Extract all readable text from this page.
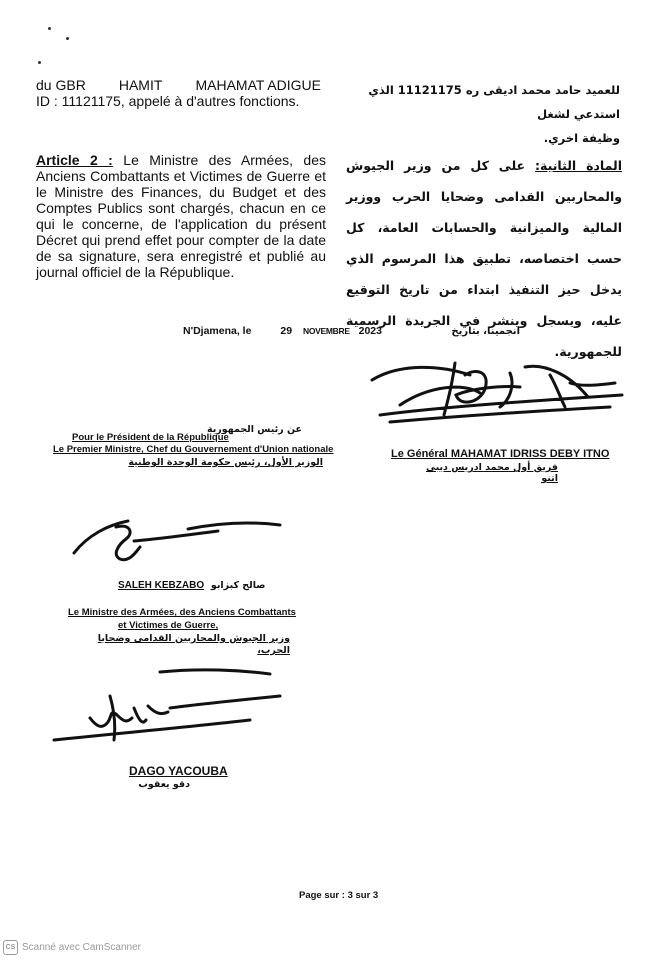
du GBR HAMIT MAHAMAT ADIGUE
ID : 11121175, appelé à d'autres fonctions.
للعميد حامد محمد اديقى ره 11121175 الذي استدعي لشغل
وظيفة اخري.
Article 2 : Le Ministre des Armées, des Anciens Combattants et Victimes de Guerre et le Ministre des Finances, du Budget et des Comptes Publics sont chargés, chacun en ce qui le concerne, de l'application du présent Décret qui prend effet pour compter de la date de sa signature, sera enregistré et publié au journal officiel de la République.
المادة الثانية: على كل من وزير الجيوش والمحاربين القدامى وضحايا الحرب ووزير المالية والميزانية والحسابات العامة، كل حسب اختصاصه، تطبيق هذا المرسوم الذي يدخل حيز التنفيذ ابتداء من تاريخ التوقيع عليه، ويسجل وينشر في الجريدة الرسمية للجمهورية.
N'Djamena, le	29 NOVEMBRE 2023	انجمينا، بتاريخ
عن رئيس الجمهورية
Pour le Président de la République
Le Premier Ministre, Chef du Gouvernement d'Union nationale
الوزير الأول، رئيس حكومة الوحدة الوطنية
Le Général MAHAMAT IDRISS DEBY ITNO
فريق أول محمد ادريس ديبي اتنو
SALEH KEBZABO صالح كبزابو
Le Ministre des Armées, des Anciens Combattants
et Victimes de Guerre,
وزير الجيوش والمحاربين القدامى وضحايا الحرب،
DAGO YACOUBA
دقو يعقوب
Page sur : 3 sur 3
CS Scanné avec CamScanner
